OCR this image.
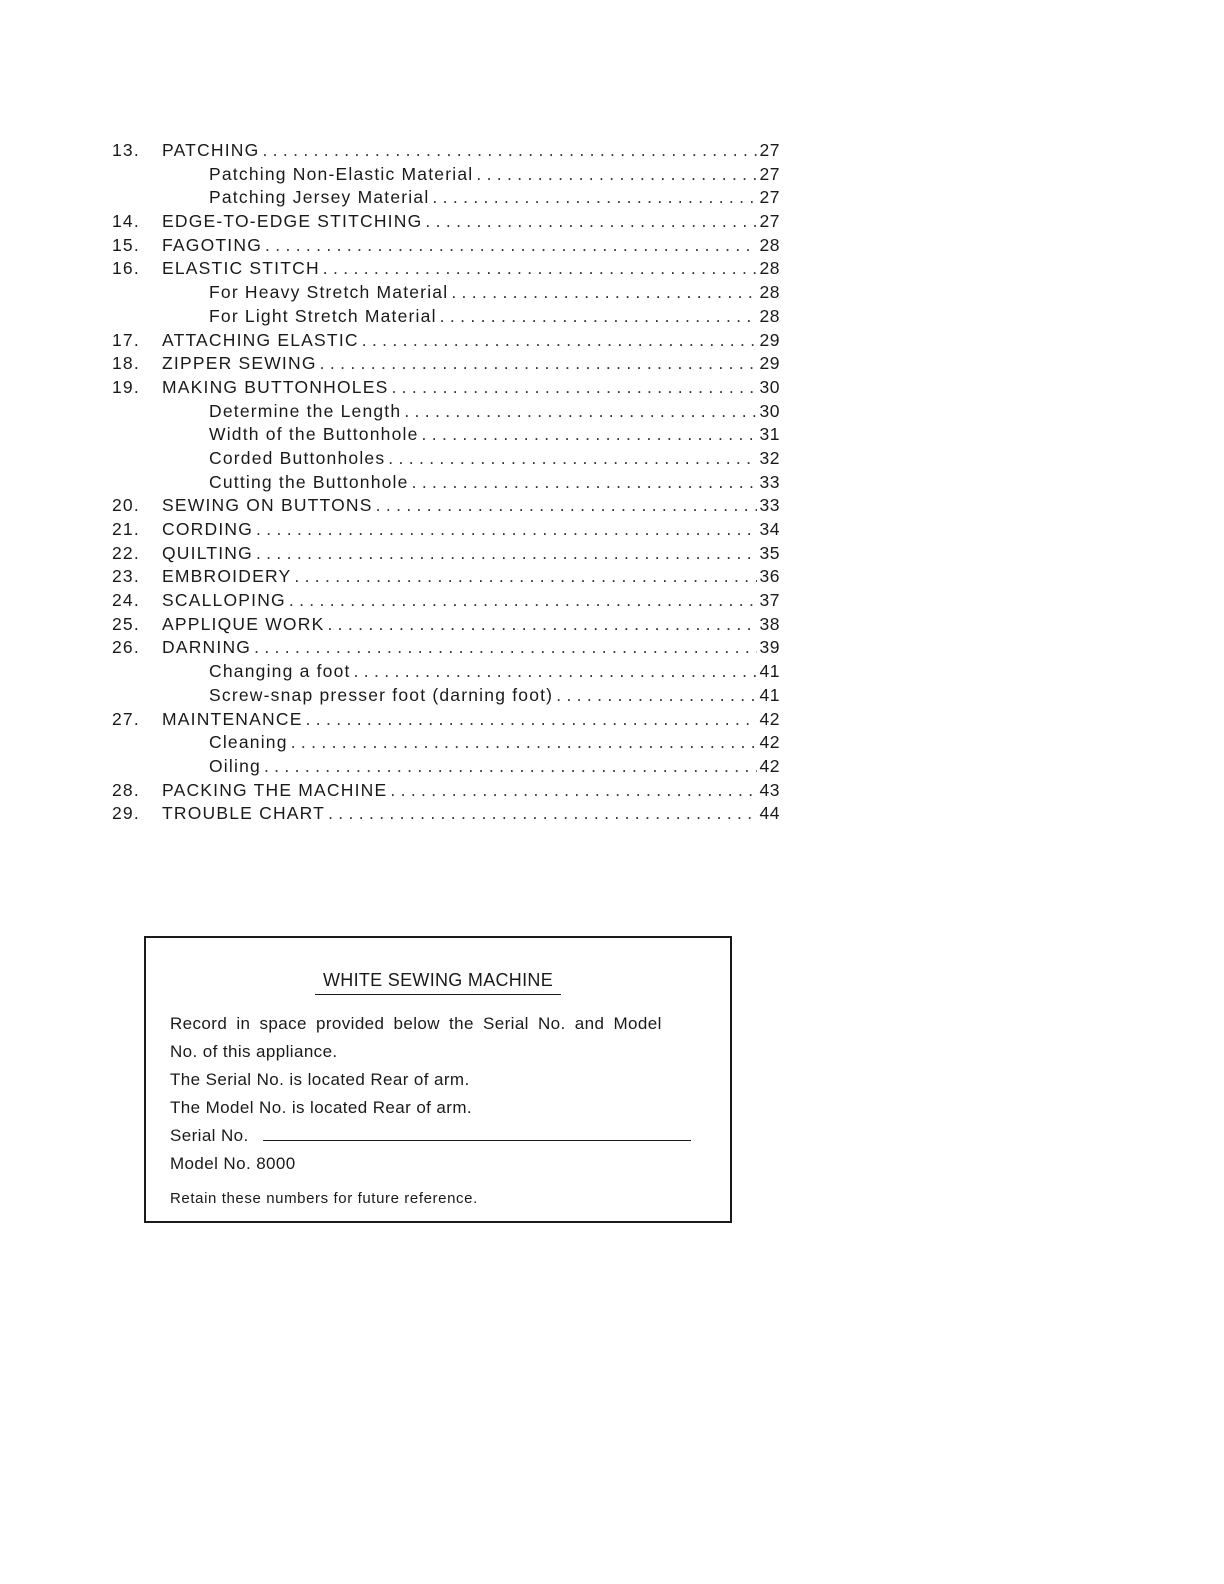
13.	PATCHING . . .	27
Patching Non-Elastic Material . . .	27
Patching Jersey Material . . .	27
14.	EDGE-TO-EDGE STITCHING . . .	27
15.	FAGOTING . . .	28
16.	ELASTIC STITCH . . .	28
For Heavy Stretch Material . . .	28
For Light Stretch Material . . .	28
17.	ATTACHING ELASTIC . . .	29
18.	ZIPPER SEWING . . .	29
19.	MAKING BUTTONHOLES . . .	30
Determine the Length . . .	30
Width of the Buttonhole . . .	31
Corded Buttonholes . . .	32
Cutting the Buttonhole . . .	33
20.	SEWING ON BUTTONS . . .	33
21.	CORDING . . .	34
22.	QUILTING . . .	35
23.	EMBROIDERY . . .	36
24.	SCALLOPING . . .	37
25.	APPLIQUE WORK . . .	38
26.	DARNING . . .	39
Changing a foot . . .	41
Screw-snap presser foot (darning foot) . . .	41
27.	MAINTENANCE . . .	42
Cleaning . . .	42
Oiling . . .	42
28.	PACKING THE MACHINE . . .	43
29.	TROUBLE CHART . . .	44
WHITE SEWING MACHINE
Record in space provided below the Serial No. and Model
No. of this appliance.
The Serial No. is located Rear of arm.
The Model No. is located Rear of arm.
Serial No.
Model No. 8000
Retain these numbers for future reference.
